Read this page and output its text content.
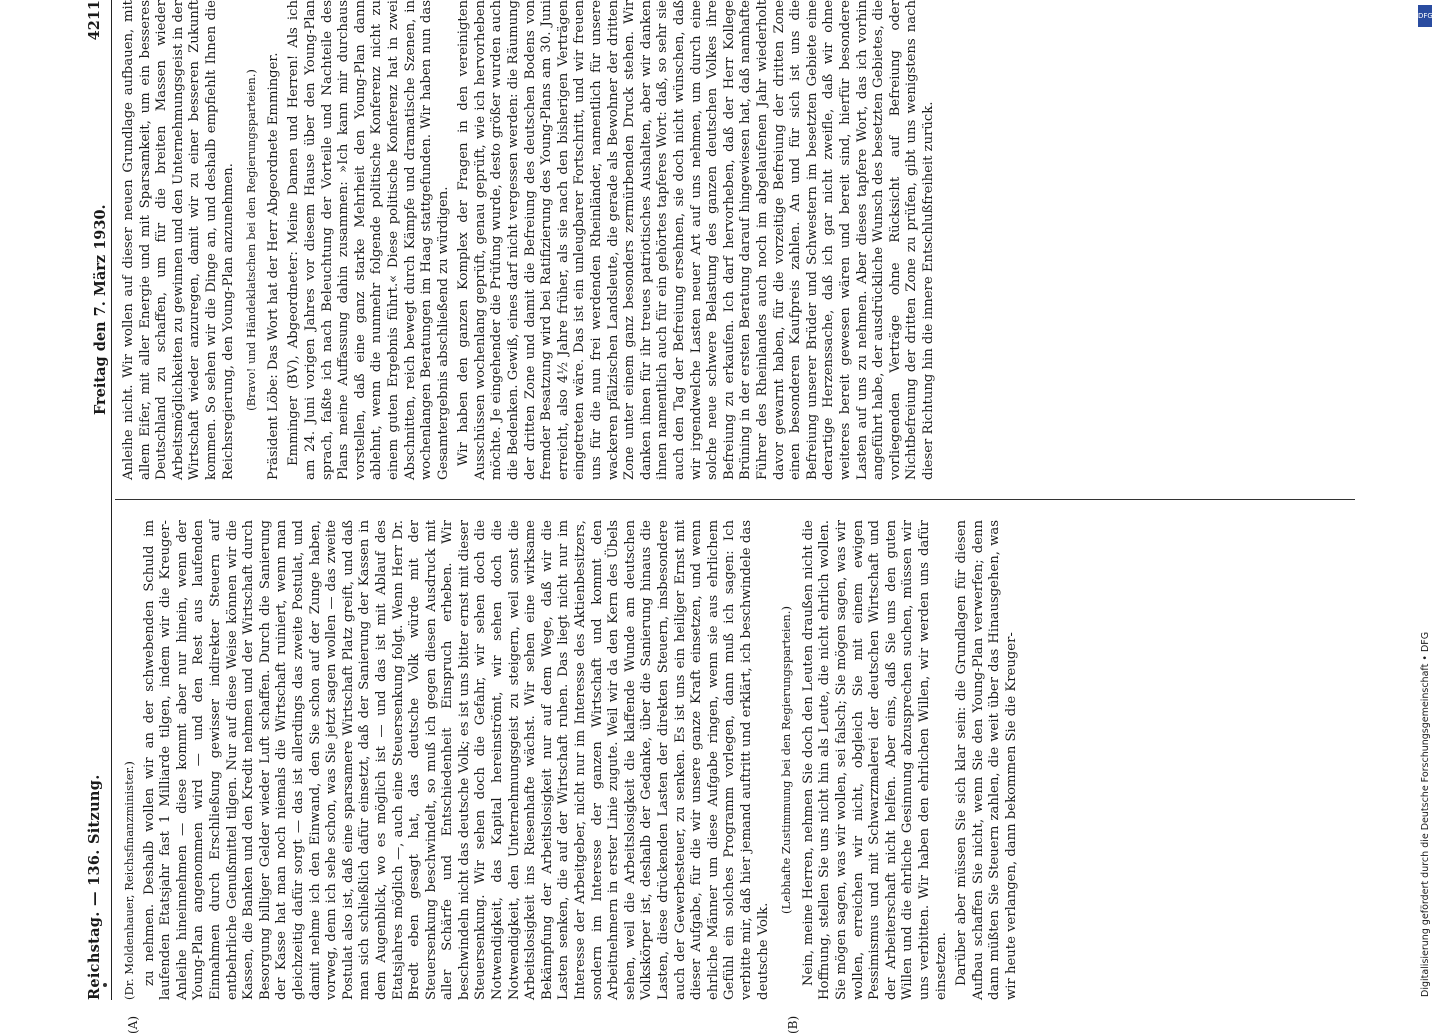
Reichstag. — 136. Sitzung.
Freitag den 7. März 1930.
4211
(A)	(B)

(Dr. Moldenhauer, Reichsfinanzminister.) zu nehmen. Deshalb wollen wir an der schwebenden Schuld im laufenden Etatsjahr fast 1 Milliarde tilgen, indem wir die Kreuger-Anleihe hineinnehmen — diese kommt aber nur hinein, wenn der Young-Plan angenommen wird — und den Rest aus laufenden Einnahmen durch Erschließung gewisser indirekter Steuern auf entbehrliche Genußmittel tilgen. Nur auf diese Weise können wir die Kassen, die Banken und den Kredit nehmen und der Wirtschaft durch Besorgung billiger Gelder wieder Luft schaffen. Durch die Sanierung der Kasse hat man noch niemals die Wirtschaft ruiniert, wenn man gleichzeitig dafür sorgt — das ist allerdings das zweite Postulat, und damit nehme ich den Einwand, den Sie schon auf der Zunge haben, vorweg, denn ich sehe schon, was Sie jetzt sagen wollen — das zweite Postulat also ist, daß eine sparsamere Wirtschaft Platz greift, und daß man sich schließlich dafür einsetzt, daß der Sanierung der Kassen in dem Augenblick, wo es möglich ist — und das ist mit Ablauf des Etatsjahres möglich —, auch eine Steuersenkung folgt. Wenn Herr Dr. Bredt eben gesagt hat, das deutsche Volk würde mit der Steuersenkung beschwindelt, so muß ich gegen diesen Ausdruck mit aller Schärfe und Entschiedenheit Einspruch erheben. Wir beschwindeln nicht das deutsche Volk; es ist uns bitter ernst mit dieser Steuersenkung. Wir sehen doch die Gefahr, wir sehen doch die Notwendigkeit, das Kapital hereinströmt, wir sehen doch die Notwendigkeit, den Unternehmungsgeist zu steigern, weil sonst die Arbeitslosigkeit ins Riesenhafte wächst. Wir sehen eine wirksame Bekämpfung der Arbeitslosigkeit nur auf dem Wege, daß wir die Lasten senken, die auf der Wirtschaft ruhen. Das liegt nicht nur im Interesse der Arbeitgeber, nicht nur im Interesse des Aktienbesitzers, sondern im Interesse der ganzen Wirtschaft und kommt den Arbeitnehmern in erster Linie zugute. Weil wir da den Kern des Übels sehen, weil die Arbeitslosigkeit die klaffende Wunde am deutschen Volkskörper ist, deshalb der Gedanke, über die Sanierung hinaus die Lasten, diese drückenden Lasten der direkten Steuern, insbesondere auch der Gewerbesteuer, zu senken. Es ist uns ein heiliger Ernst mit dieser Aufgabe, für die wir unsere ganze Kraft einsetzen, und wenn ehrliche Männer um diese Aufgabe ringen, wenn sie aus ehrlichem Gefühl ein solches Programm vorlegen, dann muß ich sagen: Ich verbitte mir, daß hier jemand auftritt und erklärt, ich beschwindele das deutsche Volk.

(Lebhafte Zustimmung bei den Regierungsparteien.) Nein, meine Herren, nehmen Sie doch den Leuten draußen nicht die Hoffnung, stellen Sie uns nicht hin als Leute, die nicht ehrlich wollen. Sie mögen sagen, was wir wollen, sei falsch; Sie mögen sagen, was wir wollen, erreichen wir nicht, obgleich Sie mit einem ewigen Pessimismus und mit Schwarzmalerei der deutschen Wirtschaft und der Arbeiterschaft nicht helfen. Aber eins, daß Sie uns den guten Willen und die ehrliche Gesinnung abzusprechen suchen, müssen wir uns verbitten. Wir haben den ehrlichen Willen, wir werden uns dafür einsetzen. Darüber aber müssen Sie sich klar sein: die Grundlagen für diesen Aufbau schaffen Sie nicht, wenn Sie den Young-Plan verwerfen; denn dann müßten Sie Steuern zahlen, die weit über das Hinausgehen, was wir heute verlangen, dann bekommen Sie die Kreuger-

Anleihe nicht. Wir wollen auf dieser neuen Grundlage aufbauen, mit allem Eifer, mit aller Energie und mit Sparsamkeit, um ein besseres Deutschland zu schaffen, um für die breiten Massen wieder Arbeitsmöglichkeiten zu gewinnen und den Unternehmungsgeist in der Wirtschaft wieder anzuregen, damit wir zu einer besseren Zukunft kommen. So sehen wir die Dinge an, und deshalb empfiehlt Ihnen die Reichsregierung, den Young-Plan anzunehmen. (Bravo! und Händeklatschen bei den Regierungsparteien.) Präsident Löbe: Das Wort hat der Herr Abgeordnete Emminger. Emminger (BV), Abgeordneter: Meine Damen und Herren! Als ich am 24. Juni vorigen Jahres vor diesem Hause über den Young-Plan sprach, faßte ich nach Beleuchtung der Vorteile und Nachteile des Plans meine Auffassung dahin zusammen: »Ich kann mir durchaus vorstellen, daß eine ganz starke Mehrheit den Young-Plan dann ablehnt, wenn die nunmehr folgende politische Konferenz nicht zu einem guten Ergebnis führt.« Diese politische Konferenz hat in zwei Abschnitten, reich bewegt durch Kämpfe und dramatische Szenen, in wochenlangen Beratungen im Haag stattgefunden. Wir haben nun das Gesamtergebnis abschließend zu würdigen. Wir haben den ganzen Komplex der Fragen in den vereinigten Ausschüssen wochenlang geprüft, genau geprüft, wie ich hervorheben möchte. Je eingehender die Prüfung wurde, desto größer wurden auch die Bedenken. Gewiß, eines darf nicht vergessen werden: die Räumung der dritten Zone und damit die Befreiung des deutschen Bodens von fremder Besatzung wird bei Ratifizierung des Young-Plans am 30. Juni erreicht, also 4½ Jahre früher, als sie nach den bisherigen Verträgen eingetreten wäre. Das ist ein unleugbarer Fortschritt, und wir freuen uns für die nun frei werdenden Rheinländer, namentlich für unsere wackeren pfälzischen Landsleute, die gerade als Bewohner der dritten Zone unter einem ganz besonders zermürbenden Druck stehen. Wir danken ihnen für ihr treues patriotisches Aushalten, aber wir danken ihnen namentlich auch für ein gehörtes tapferes Wort: daß, so sehr sie auch den Tag der Befreiung ersehnen, sie doch nicht wünschen, daß wir irgendwelche Lasten neuer Art auf uns nehmen, um durch eine solche neue schwere Belastung des ganzen deutschen Volkes ihre Befreiung zu erkaufen. Ich darf hervorheben, daß der Herr Kollege Brüning in der ersten Beratung darauf hingewiesen hat, daß namhafte Führer des Rheinlandes auch noch im abgelaufenen Jahr wiederholt davor gewarnt haben, für die vorzeitige Befreiung der dritten Zone einen besonderen Kaufpreis zahlen. An und für sich ist uns die Befreiung unserer Brüder und Schwestern im besetzten Gebiete eine derartige Herzenssache, daß ich gar nicht zweifle, daß wir ohne weiteres bereit gewesen wären und bereit sind, hierfür besondere Lasten auf uns zu nehmen. Aber dieses tapfere Wort, das ich vorhin angeführt habe, der ausdrückliche Wunsch des besetzten Gebietes, die vorliegenden Verträge ohne Rücksicht auf Befreiung oder Nichtbefreiung der dritten Zone zu prüfen, gibt uns wenigstens nach dieser Richtung hin die innere Entschlußfreiheit zurück.

DFG
Digitalisierung gefördert durch die Deutsche Forschungsgemeinschaft • DFG
